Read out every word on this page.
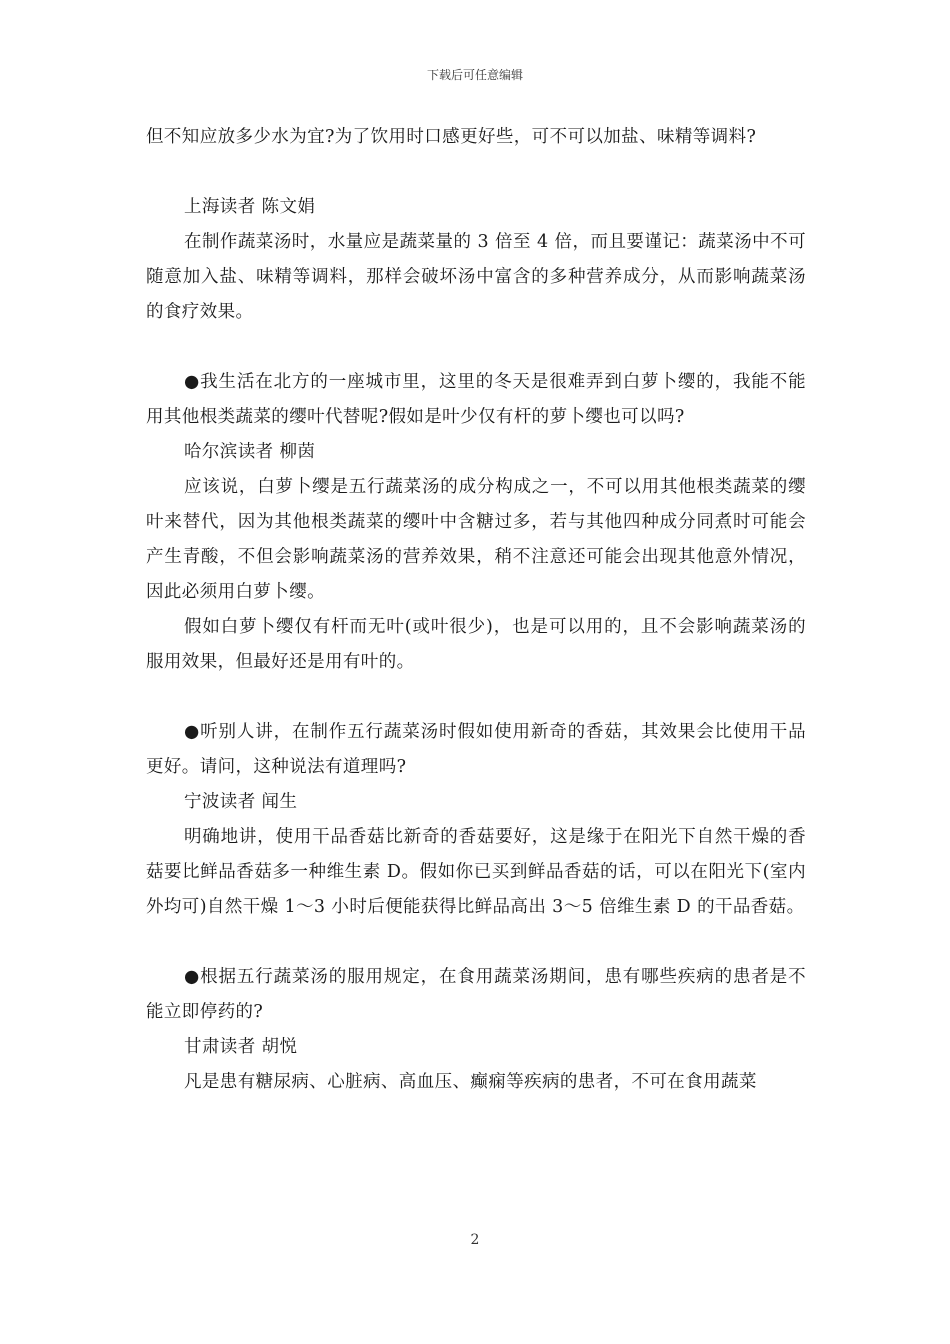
下载后可任意编辑

但不知应放多少水为宜?为了饮用时口感更好些，可不可以加盐、味精等调料?

上海读者 陈文娟

在制作蔬菜汤时，水量应是蔬菜量的 3 倍至 4 倍，而且要谨记：蔬菜汤中不可随意加入盐、味精等调料，那样会破坏汤中富含的多种营养成分，从而影响蔬菜汤的食疗效果。

●我生活在北方的一座城市里，这里的冬天是很难弄到白萝卜缨的，我能不能用其他根类蔬菜的缨叶代替呢?假如是叶少仅有杆的萝卜缨也可以吗?

哈尔滨读者 柳茵

应该说，白萝卜缨是五行蔬菜汤的成分构成之一，不可以用其他根类蔬菜的缨叶来替代，因为其他根类蔬菜的缨叶中含糖过多，若与其他四种成分同煮时可能会产生青酸，不但会影响蔬菜汤的营养效果，稍不注意还可能会出现其他意外情况，因此必须用白萝卜缨。

假如白萝卜缨仅有杆而无叶(或叶很少)，也是可以用的，且不会影响蔬菜汤的服用效果，但最好还是用有叶的。

●听别人讲，在制作五行蔬菜汤时假如使用新奇的香菇，其效果会比使用干品更好。请问，这种说法有道理吗?

宁波读者 闻生

明确地讲，使用干品香菇比新奇的香菇要好，这是缘于在阳光下自然干燥的香菇要比鲜品香菇多一种维生素 D。假如你已买到鲜品香菇的话，可以在阳光下(室内外均可)自然干燥 1～3 小时后便能获得比鲜品高出 3～5 倍维生素 D 的干品香菇。

●根据五行蔬菜汤的服用规定，在食用蔬菜汤期间，患有哪些疾病的患者是不能立即停药的?

甘肃读者 胡悦

凡是患有糖尿病、心脏病、高血压、癫痫等疾病的患者，不可在食用蔬菜

2
